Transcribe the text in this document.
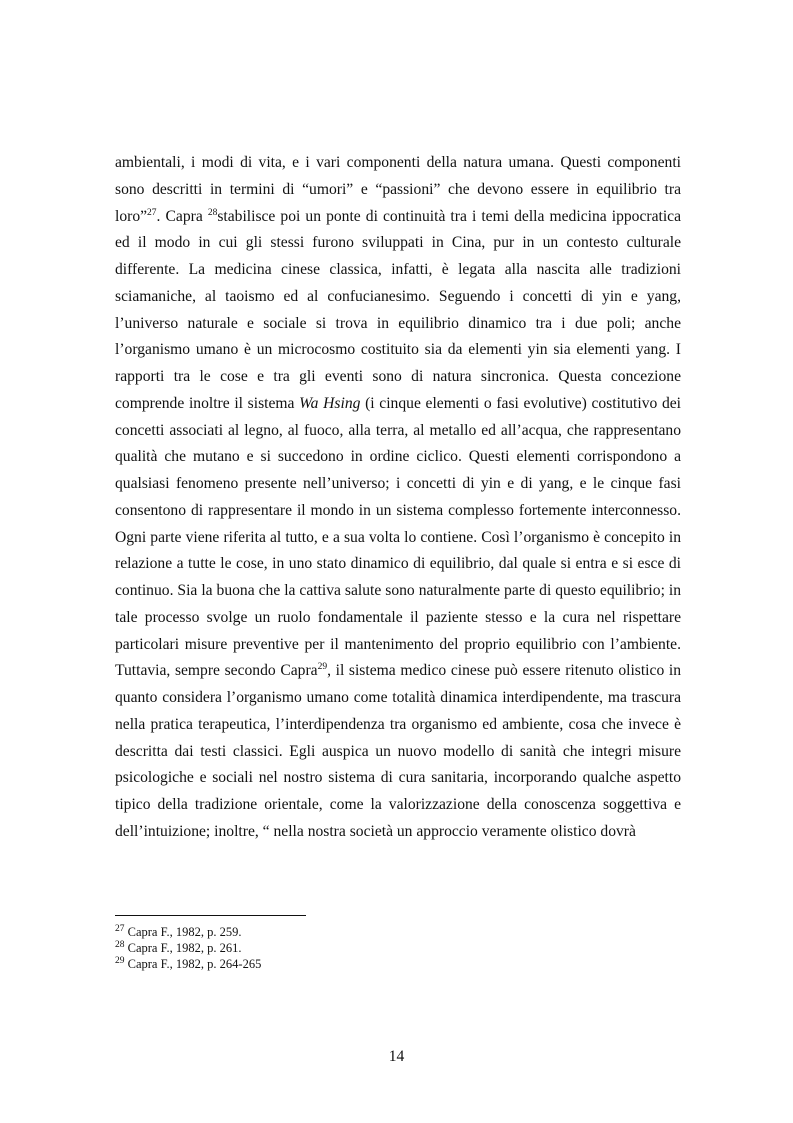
ambientali, i modi di vita, e i vari componenti della natura umana. Questi componenti sono descritti in termini di “umori” e “passioni” che devono essere in equilibrio tra loro”$^{27}$. Capra $^{28}$stabilisce poi un ponte di continuità tra i temi della medicina ippocratica ed il modo in cui gli stessi furono sviluppati in Cina, pur in un contesto culturale differente. La medicina cinese classica, infatti, è legata alla nascita alle tradizioni sciamaniche, al taoismo ed al confucianesimo. Seguendo i concetti di yin e yang, l’universo naturale e sociale si trova in equilibrio dinamico tra i due poli; anche l’organismo umano è un microcosmo costituito sia da elementi yin sia elementi yang. I rapporti tra le cose e tra gli eventi sono di natura sincronica. Questa concezione comprende inoltre il sistema Wa Hsing (i cinque elementi o fasi evolutive) costitutivo dei concetti associati al legno, al fuoco, alla terra, al metallo ed all’acqua, che rappresentano qualità che mutano e si succedono in ordine ciclico. Questi elementi corrispondono a qualsiasi fenomeno presente nell’universo; i concetti di yin e di yang, e le cinque fasi consentono di rappresentare il mondo in un sistema complesso fortemente interconnesso. Ogni parte viene riferita al tutto, e a sua volta lo contiene. Così l’organismo è concepito in relazione a tutte le cose, in uno stato dinamico di equilibrio, dal quale si entra e si esce di continuo. Sia la buona che la cattiva salute sono naturalmente parte di questo equilibrio; in tale processo svolge un ruolo fondamentale il paziente stesso e la cura nel rispettare particolari misure preventive per il mantenimento del proprio equilibrio con l’ambiente. Tuttavia, sempre secondo Capra$^{29}$, il sistema medico cinese può essere ritenuto olistico in quanto considera l’organismo umano come totalità dinamica interdipendente, ma trascura nella pratica terapeutica, l’interdipendenza tra organismo ed ambiente, cosa che invece è descritta dai testi classici. Egli auspica un nuovo modello di sanità che integri misure psicologiche e sociali nel nostro sistema di cura sanitaria, incorporando qualche aspetto tipico della tradizione orientale, come la valorizzazione della conoscenza soggettiva e dell’intuizione; inoltre, “ nella nostra società un approccio veramente olistico dovrà

$^{27}$ Capra F., 1982, p. 259.
$^{28}$ Capra F., 1982, p. 261.
$^{29}$ Capra F., 1982, p. 264-265
14
